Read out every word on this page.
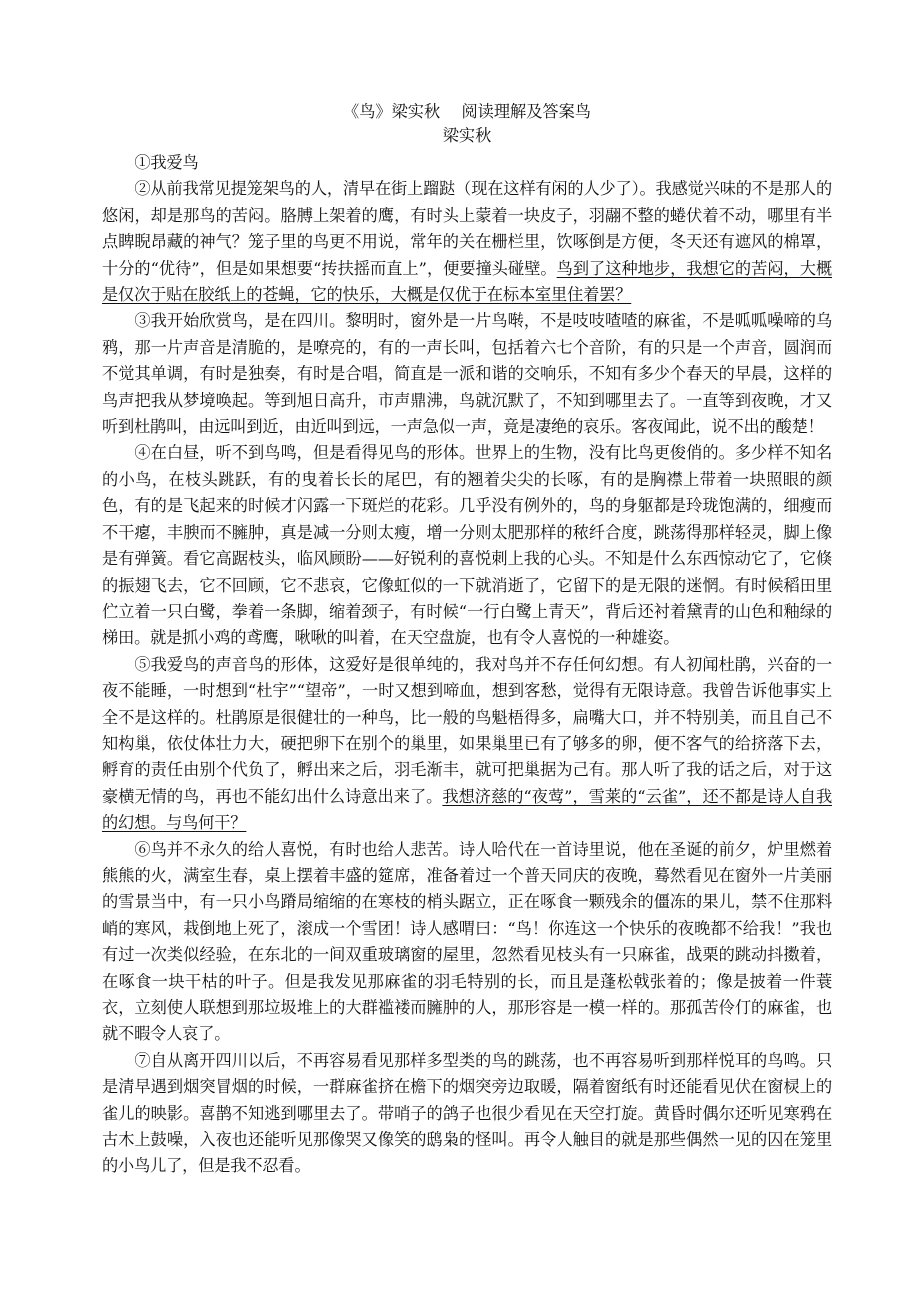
《鸟》梁实秋　 阅读理解及答案鸟
梁实秋

①我爱鸟

②从前我常见提笼架鸟的人，清早在街上蹓跶（现在这样有闲的人少了）。我感觉兴味的不是那人的悠闲，却是那鸟的苦闷。胳膊上架着的鹰，有时头上蒙着一块皮子，羽翮不整的蜷伏着不动，哪里有半点睥睨昂藏的神气？笼子里的鸟更不用说，常年的关在栅栏里，饮啄倒是方便，冬天还有遮风的棉罩，十分的“优待”，但是如果想要“抟扶摇而直上”，便要撞头碰壁。鸟到了这种地步，我想它的苦闷，大概是仅次于贴在胶纸上的苍蝇，它的快乐，大概是仅优于在标本室里住着罢？

③我开始欣赏鸟，是在四川。黎明时，窗外是一片鸟啭，不是吱吱喳喳的麻雀，不是呱呱噪啼的乌鸦，那一片声音是清脆的，是嘹亮的，有的一声长叫，包括着六七个音阶，有的只是一个声音，圆润而不觉其单调，有时是独奏，有时是合唱，简直是一派和谐的交响乐，不知有多少个春天的早晨，这样的鸟声把我从梦境唤起。等到旭日高升，市声鼎沸，鸟就沉默了，不知到哪里去了。一直等到夜晚，才又听到杜鹃叫，由远叫到近，由近叫到远，一声急似一声，竟是凄绝的哀乐。客夜闻此，说不出的酸楚！

④在白昼，听不到鸟鸣，但是看得见鸟的形体。世界上的生物，没有比鸟更俊俏的。多少样不知名的小鸟，在枝头跳跃，有的曳着长长的尾巴，有的翘着尖尖的长啄，有的是胸襟上带着一块照眼的颜色，有的是飞起来的时候才闪露一下斑烂的花彩。几乎没有例外的，鸟的身躯都是玲珑饱满的，细瘦而不干瘪，丰腴而不臃肿，真是减一分则太瘦，增一分则太肥那样的秾纤合度，跳荡得那样轻灵，脚上像是有弹簧。看它高踞枝头，临风顾盼——好锐利的喜悦刺上我的心头。不知是什么东西惊动它了，它倏的振翅飞去，它不回顾，它不悲哀，它像虹似的一下就消逝了，它留下的是无限的迷惘。有时候稻田里伫立着一只白鹭，拳着一条脚，缩着颈子，有时候“一行白鹭上青天”，背后还衬着黛青的山色和釉绿的梯田。就是抓小鸡的鸢鹰，啾啾的叫着，在天空盘旋，也有令人喜悦的一种雄姿。

⑤我爱鸟的声音鸟的形体，这爱好是很单纯的，我对鸟并不存任何幻想。有人初闻杜鹃，兴奋的一夜不能睡，一时想到“杜宇”“望帝”，一时又想到啼血，想到客愁，觉得有无限诗意。我曾告诉他事实上全不是这样的。杜鹃原是很健壮的一种鸟，比一般的鸟魁梧得多，扁嘴大口，并不特别美，而且自己不知构巢，依仗体壮力大，硬把卵下在别个的巢里，如果巢里已有了够多的卵，便不客气的给挤落下去，孵育的责任由别个代负了，孵出来之后，羽毛渐丰，就可把巢据为己有。那人听了我的话之后，对于这豪横无情的鸟，再也不能幻出什么诗意出来了。我想济慈的“夜莺”，雪莱的“云雀”，还不都是诗人自我的幻想。与鸟何干？

⑥鸟并不永久的给人喜悦，有时也给人悲苦。诗人哈代在一首诗里说，他在圣诞的前夕，炉里燃着熊熊的火，满室生春，桌上摆着丰盛的筵席，准备着过一个普天同庆的夜晚，蓦然看见在窗外一片美丽的雪景当中，有一只小鸟蹐局缩缩的在寒枝的梢头踞立，正在啄食一颗残余的僵冻的果儿，禁不住那料峭的寒风，栽倒地上死了，滚成一个雪团！诗人感喟曰：“鸟！你连这一个快乐的夜晚都不给我！”我也有过一次类似经验，在东北的一间双重玻璃窗的屋里，忽然看见枝头有一只麻雀，战栗的跳动抖擞着，在啄食一块干枯的叶子。但是我发见那麻雀的羽毛特别的长，而且是蓬松戟张着的；像是披着一件蓑衣，立刻使人联想到那垃圾堆上的大群褴褛而臃肿的人，那形容是一模一样的。那孤苦伶仃的麻雀，也就不暇令人哀了。

⑦自从离开四川以后，不再容易看见那样多型类的鸟的跳荡，也不再容易听到那样悦耳的鸟鸣。只是清早遇到烟突冒烟的时候，一群麻雀挤在檐下的烟突旁边取暖，隔着窗纸有时还能看见伏在窗棂上的雀儿的映影。喜鹊不知逃到哪里去了。带哨子的鸽子也很少看见在天空打旋。黄昏时偶尔还听见寒鸦在古木上鼓噪，入夜也还能听见那像哭又像笑的鸱枭的怪叫。再令人触目的就是那些偶然一见的囚在笼里的小鸟儿了，但是我不忍看。
